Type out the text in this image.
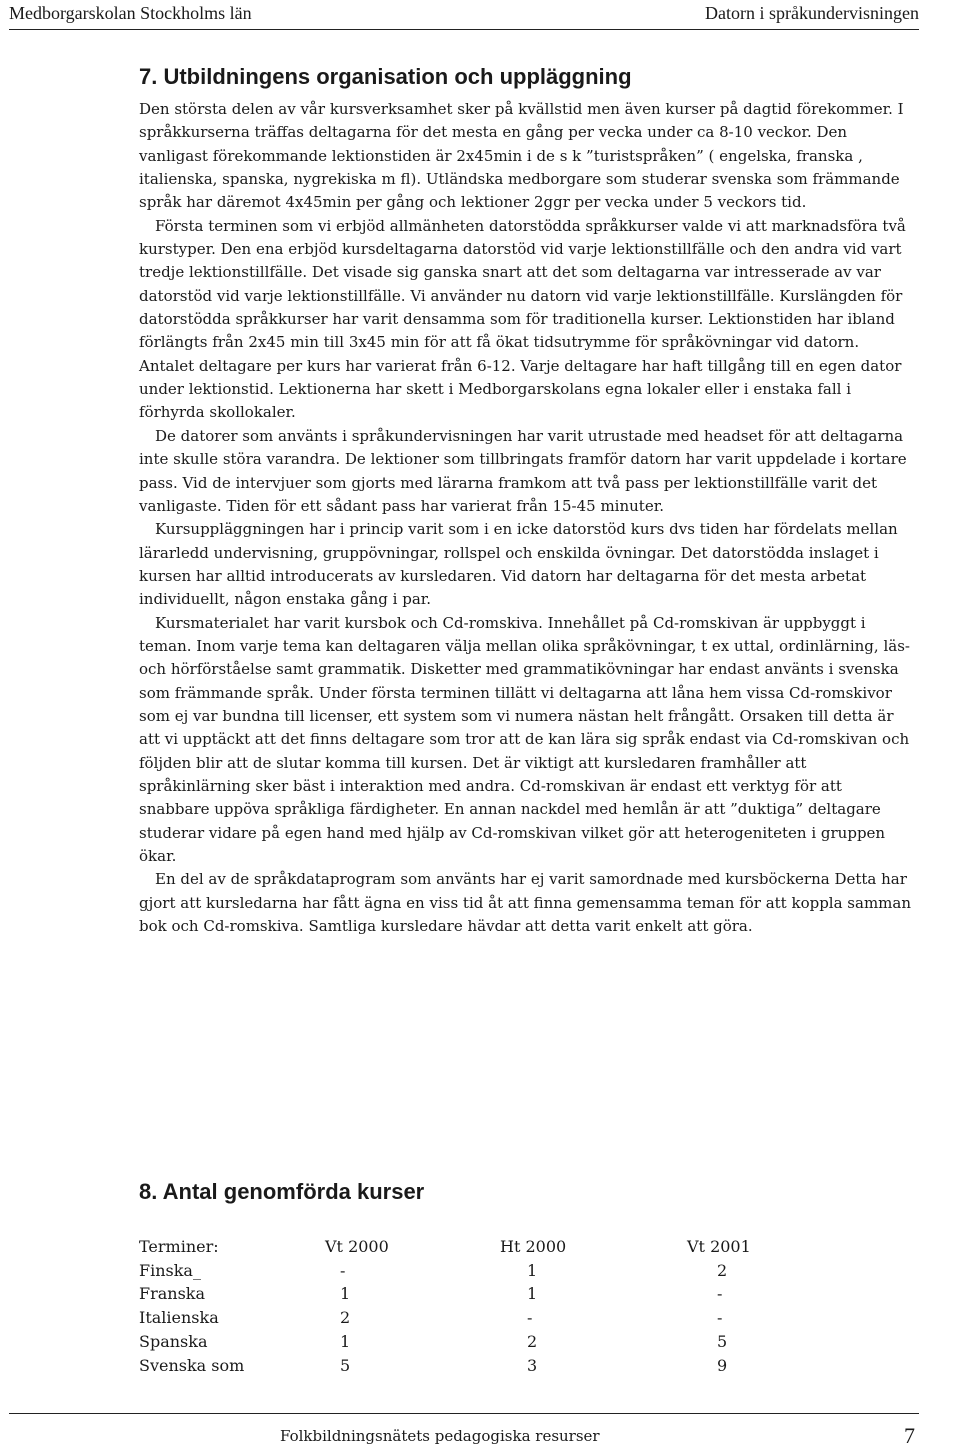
Medborgarskolan Stockholms län	Datorn i språkundervisningen
7. Utbildningens organisation och uppläggning

Den största delen av vår kursverksamhet sker på kvällstid men även kurser på dagtid förekommer. I språkkurserna träffas deltagarna för det mesta en gång per vecka under ca 8-10 veckor. Den vanligast förekommande lektionstiden är 2x45min i de s k ”turistspråken” ( engelska, franska , italienska, spanska, nygrekiska m fl). Utländska medborgare som studerar svenska som främmande språk har däremot 4x45min per gång och lektioner 2ggr per vecka under 5 veckors tid.

Första terminen som vi erbjöd allmänheten datorstödda språkkurser valde vi att marknadsföra två kurstyper. Den ena erbjöd kursdeltagarna datorstöd vid varje lektionstillfälle och den andra vid vart tredje lektionstillfälle. Det visade sig ganska snart att det som deltagarna var intresserade av var datorstöd vid varje lektionstillfälle. Vi använder nu datorn vid varje lektionstillfälle. Kurslängden för datorstödda språkkurser har varit densamma som för traditionella kurser. Lektionstiden har ibland förlängts från 2x45 min till 3x45 min för att få ökat tidsutrymme för språkövningar vid datorn. Antalet deltagare per kurs har varierat från 6-12. Varje deltagare har haft tillgång till en egen dator under lektionstid. Lektionerna har skett i Medborgarskolans egna lokaler eller i enstaka fall i förhyrda skollokaler.

De datorer som använts i språkundervisningen har varit utrustade med headset för att deltagarna inte skulle störa varandra. De lektioner som tillbringats framför datorn har varit uppdelade i kortare pass. Vid de intervjuer som gjorts med lärarna framkom att två pass per lektionstillfälle varit det vanligaste. Tiden för ett sådant pass har varierat från 15-45 minuter.

Kursuppläggningen har i princip varit som i en icke datorstöd kurs dvs tiden har fördelats mellan lärarledd undervisning, gruppövningar, rollspel och enskilda övningar. Det datorstödda inslaget i kursen har alltid introducerats av kursledaren. Vid datorn har deltagarna för det mesta arbetat individuellt, någon enstaka gång i par.

Kursmaterialet har varit kursbok och Cd-romskiva. Innehållet på Cd-romskivan är uppbyggt i teman. Inom varje tema kan deltagaren välja mellan olika språkövningar, t ex uttal, ordinlärning, läs- och hörförståelse samt grammatik. Disketter med grammatikövningar har endast använts i svenska som främmande språk. Under första terminen tillätt vi deltagarna att låna hem vissa Cd-romskivor som ej var bundna till licenser, ett system som vi numera nästan helt frångått. Orsaken till detta är att vi upptäckt att det finns deltagare som tror att de kan lära sig språk endast via Cd-romskivan och följden blir att de slutar komma till kursen. Det är viktigt att kursledaren framhåller att språkinlärning sker bäst i interaktion med andra. Cd-romskivan är endast ett verktyg för att snabbare uppöva språkliga färdigheter. En annan nackdel med hemlån är att ”duktiga” deltagare studerar vidare på egen hand med hjälp av Cd-romskivan vilket gör att heterogeniteten i gruppen ökar.

En del av de språkdataprogram som använts har ej varit samordnade med kursböckerna Detta har gjort att kursledarna har fått ägna en viss tid åt att finna gemensamma teman för att koppla samman bok och Cd-romskiva. Samtliga kursledare hävdar att detta varit enkelt att göra.

8. Antal genomförda kurser
Terminer:	Vt 2000	Ht 2000	Vt 2001
Finska_	-	1	2
Franska	1	1	-
Italienska	2	-	-
Spanska	1	2	5
Svenska som	5	3	9
Folkbildningsnätets pedagogiska resurser	7
